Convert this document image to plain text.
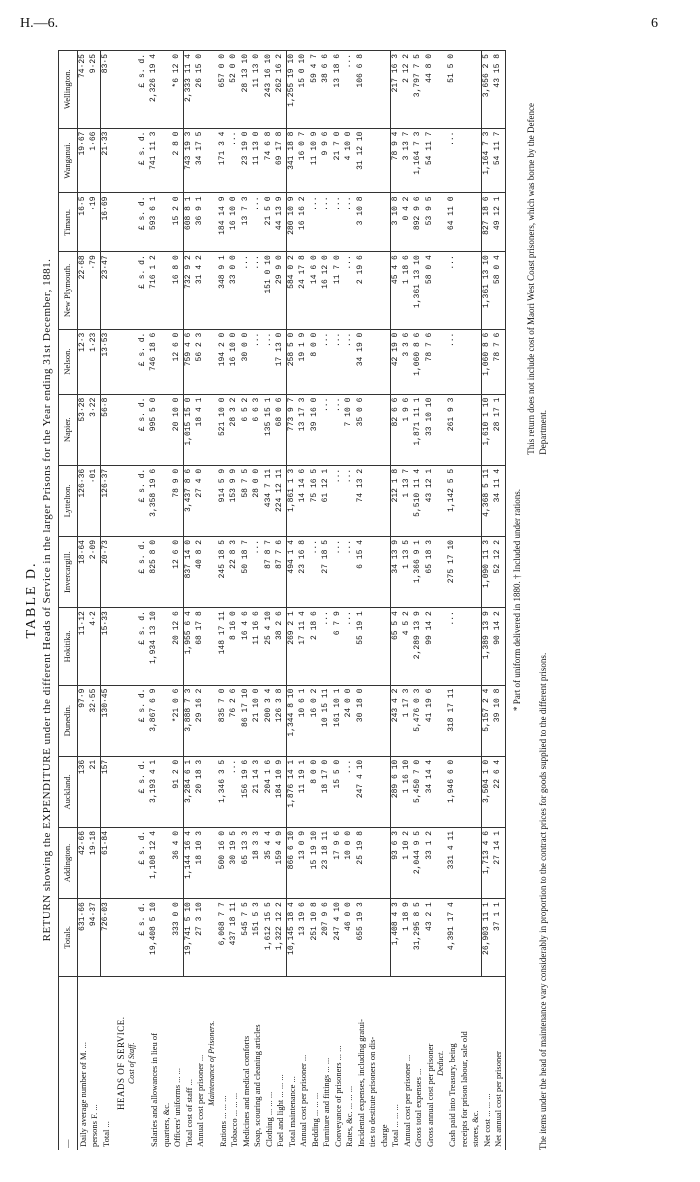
H.—6.	6
TABLE D. RETURN showing the EXPENDITURE under the different Heads of Service in the larger Prisons for the Year ending 31st December, 1881.
—	Totals.	Addington.	Auckland.	Dunedin.	Hokitika.	Invercargill.	Lyttelton.	Napier.	Nelson.	New Plymouth.	Timaru.	Wanganui.	Wellington.
Daily average number of M. ...	631·66	42·66	136	97·9	11·12	18·64	126·36	53·28	12·3	22·68	16·5	19·67	74·25
persons F. ...	94·37	19·18	21	32·55	4·2	2·09	·01	3·22	1·23	·79	·19	1·66	9·25
Total ...	726·03	61·84	157	130·45	15·33	20·73	126·37	56·8	13·53	23·47	16·69	21·33	83·5
HEADS OF SERVICE.													
Cost of Staff.													
	£ s. d.	£ s. d.	£ s. d.	£ s. d.	£ s. d.	£ s. d.	£ s. d.	£ s. d.	£ s. d.	£ s. d.	£ s. d.	£ s. d.	£ s. d.
Salaries and allowances in lieu of	19,408 5 10	1,108 12 4	3,193 4 1	3,867 6 9	1,934 13 10	825 8 0	3,358 19 6	995 5 0	746 18 6	716 1 2	593 6 1	741 11 3	2,326 19 4
quarters, &c.													
Officers' uniforms ... ...	333 0 0	36 4 0	91 2 0	*21 0 6	20 12 6	12 6 0	78 9 0	20 10 0	12 6 0	16 8 0	15 2 0	2 8 0	*6 12 0
Total cost of staff ...	19,741 5 10	1,144 16 4	3,284 6 1	3,888 7 3	1,955 6 4	837 14 0	3,437 8 6	1,015 15 0	759 4 6	732 9 2	608 8 1	743 19 3	2,333 11 4
Annual cost per prisoner ...	27 3 10	18 10 3	20 18 3	29 16 2	68 17 8	40 8 2	27 4 0	18 4 1	56 2 3	31 4 2	36 9 1	34 17 5	26 15 0
Maintenance of Prisoners.													
Rations ... ... ...	6,068 7 7	500 16 0	1,346 3 5	835 7 0	148 17 11	245 18 5	914 5 9	521 10 0	194 2 0	348 9 1	184 14 9	171 3 4	657 0 0
Tobacco ... ... ...	437 18 11	30 19 5	...	76 2 6	8 16 0	22 8 3	153 9 9	28 3 2	16 10 0	33 0 0	16 10 0	...	52 0 0
Medicines and medical comforts	545 7 5	65 13 3	156 19 6	86 17 10	16 4 6	50 18 7	58 7 5	6 5 2	30 0 0	...	13 7 3	23 19 0	28 13 10
Soap, scouring and cleaning articles	151 5 3	18 3 3	21 14 3	21 10 0	11 16 6	...	28 0 0	6 6 3	...	...	...	11 13 0	11 13 0
Clothing ... ... ...	1,612 15 5	35 4 4	204 1 6	200 3 4	25 4 10	87 8 7	434 7 11	135 15 1	...	151 0 10	21 5 0	74 6 8	243 16 10
Fuel and light ... ... ...	1,322 12 2	159 4 9	184 10 9	126 3 8	38 2 6	87 7 6	224 12 11	68 0 6	17 13 0	29 9 0	44 13 9	69 17 8	262 16 2
Total maintenance ...	10,145 18 4	866 6 10	1,876 14 1	1,344 8 10	269 2 1	494 1 4	1,861 1 3	773 9 7	258 5 0	584 0 2	280 10 9	341 18 8	1,255 19 10
Annual cost per prisoner ...	13 19 6	13 0 9	11 19 1	10 6 1	17 11 4	23 16 8	14 14 6	13 17 3	19 1 9	24 17 8	16 16 2	16 0 7	15 0 10
Bedding ... ... ...	251 10 8	15 19 10	8 0 0	16 0 2	2 18 6	...	75 16 5	39 16 0	8 0 0	14 6 0	...	11 10 9	59 4 7
Furniture and fittings ... ...	207 9 6	23 18 11	18 17 0	10 15 11	...	27 18 5	61 12 1	...	...	16 12 0	...	9 9 6	38 6 6
Conveyance of prisoners ... ...	247 4 10	17 9 6	15 5 0	161 10 1	6 7 9	...	...	...	...	11 7 0	...	21 7 0	13 18 6
Rates, &c. ... ... ...	46 0 0	10 0 0	...	24 0 0	...	...	...	7 10 0	...	...	...	4 10 0	...
Incidental expenses, including gratui-	655 19 3	25 19 8	247 4 10	30 18 0	55 19 1	6 15 4	74 13 2	35 0 6	34 19 0	2 19 6	3 10 8	31 12 10	106 6 8
ties to destitute prisoners on dis-													
charge													
Total ... ... ...	1,408 4 3	93 6 3	289 6 10	243 4 2	65 5 4	34 13 9	212 1 8	82 6 6	42 19 0	45 4 6	3 10 8	78 9 4	217 16 3
Annual cost per prisoner ...	1 18 9	1 10 2	1 16 10	1 17 3	4 5 2	1 13 5	1 13 7	1 9 6	3 3 6	1 18 6	0 4 2	3 13 7	2 12 2
Gross total expenses ...	31,295 8 5	2,044 9 5	5,450 7 0	5,476 0 3	2,289 13 9	1,366 9 1	5,510 11 4	1,871 11 1	1,060 8 6	1,361 13 10	892 9 6	1,164 7 3	3,797 7 5
Gross annual cost per prisoner	43 2 1	33 1 2	34 14 4	41 19 6	99 14 2	65 18 3	43 12 1	33 10 10	78 7 6	58 0 4	53 9 5	54 11 7	44 8 0
Deduct.													
Cash paid into Treasury, being	4,391 17 4	331 4 11	1,946 6 0	318 17 11	...	275 17 10	1,142 5 5	261 9 3	...	...	64 11 0	...	51 5 0
receipts for prison labour, sale old													
stores, &c.													
Net cost ... ... ...	26,903 11 1	1,713 4 6	3,504 1 0	5,157 2 4	1,389 13 9	1,090 11 3	4,368 5 11	1,610 1 10	1,060 8 6	1,361 13 10	827 18 6	1,164 7 3	3,656 2 5
Net annual cost per prisoner	37 1 1	27 14 1	22 6 4	39 10 8	90 14 2	52 12 2	34 11 4	28 17 1	78 7 6	58 0 4	49 12 1	54 11 7	43 15 8
* Part of uniform delivered in 1880. † Included under rations.
The items under the head of maintenance vary considerably in proportion to the contract prices for goods supplied to the different prisons. This return does not include cost of Maori West Coast prisoners, which was borne by the Defence Department.
